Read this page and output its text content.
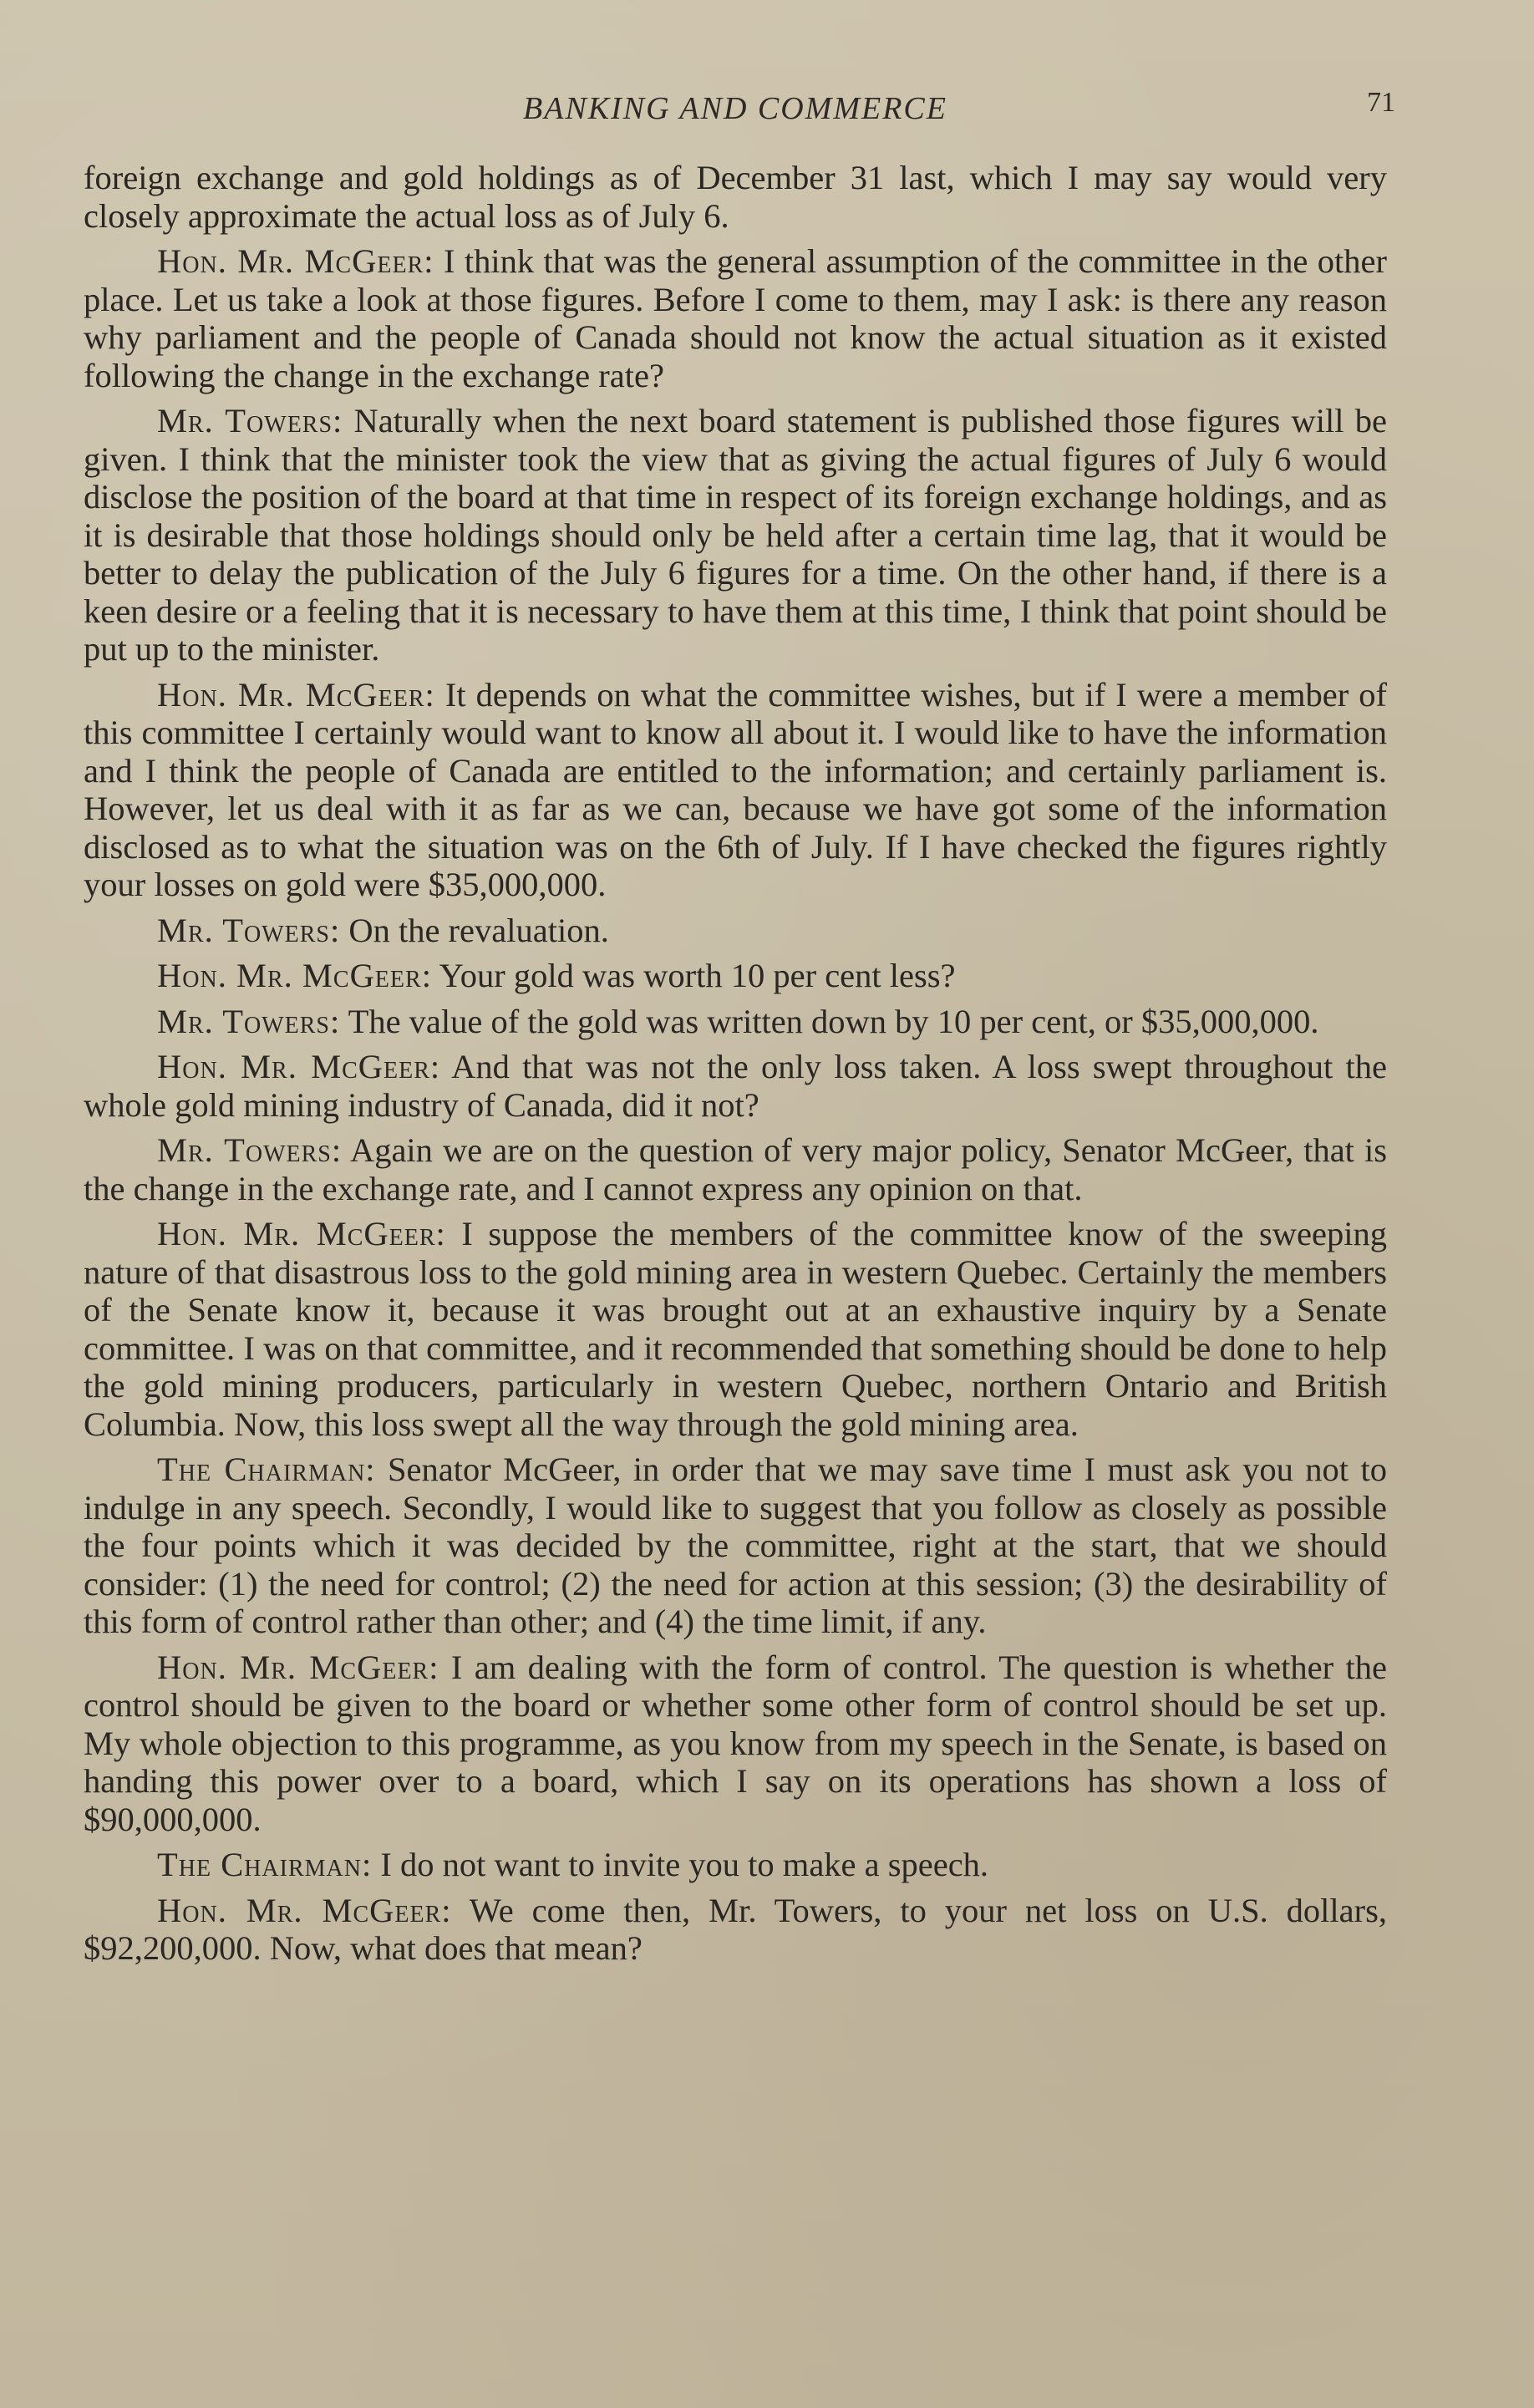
BANKING AND COMMERCE	71

foreign exchange and gold holdings as of December 31 last, which I may say would very closely approximate the actual loss as of July 6.

Hon. Mr. McGeer: I think that was the general assumption of the committee in the other place. Let us take a look at those figures. Before I come to them, may I ask: is there any reason why parliament and the people of Canada should not know the actual situation as it existed following the change in the exchange rate?

Mr. Towers: Naturally when the next board statement is published those figures will be given. I think that the minister took the view that as giving the actual figures of July 6 would disclose the position of the board at that time in respect of its foreign exchange holdings, and as it is desirable that those holdings should only be held after a certain time lag, that it would be better to delay the publication of the July 6 figures for a time. On the other hand, if there is a keen desire or a feeling that it is necessary to have them at this time, I think that point should be put up to the minister.

Hon. Mr. McGeer: It depends on what the committee wishes, but if I were a member of this committee I certainly would want to know all about it. I would like to have the information and I think the people of Canada are entitled to the information; and certainly parliament is. However, let us deal with it as far as we can, because we have got some of the information disclosed as to what the situation was on the 6th of July. If I have checked the figures rightly your losses on gold were $35,000,000.

Mr. Towers: On the revaluation.

Hon. Mr. McGeer: Your gold was worth 10 per cent less?

Mr. Towers: The value of the gold was written down by 10 per cent, or $35,000,000.

Hon. Mr. McGeer: And that was not the only loss taken. A loss swept throughout the whole gold mining industry of Canada, did it not?

Mr. Towers: Again we are on the question of very major policy, Senator McGeer, that is the change in the exchange rate, and I cannot express any opinion on that.

Hon. Mr. McGeer: I suppose the members of the committee know of the sweeping nature of that disastrous loss to the gold mining area in western Quebec. Certainly the members of the Senate know it, because it was brought out at an exhaustive inquiry by a Senate committee. I was on that committee, and it recommended that something should be done to help the gold mining producers, particularly in western Quebec, northern Ontario and British Columbia. Now, this loss swept all the way through the gold mining area.

The Chairman: Senator McGeer, in order that we may save time I must ask you not to indulge in any speech. Secondly, I would like to suggest that you follow as closely as possible the four points which it was decided by the committee, right at the start, that we should consider: (1) the need for control; (2) the need for action at this session; (3) the desirability of this form of control rather than other; and (4) the time limit, if any.

Hon. Mr. McGeer: I am dealing with the form of control. The question is whether the control should be given to the board or whether some other form of control should be set up. My whole objection to this programme, as you know from my speech in the Senate, is based on handing this power over to a board, which I say on its operations has shown a loss of $90,000,000.

The Chairman: I do not want to invite you to make a speech.

Hon. Mr. McGeer: We come then, Mr. Towers, to your net loss on U.S. dollars, $92,200,000. Now, what does that mean?
